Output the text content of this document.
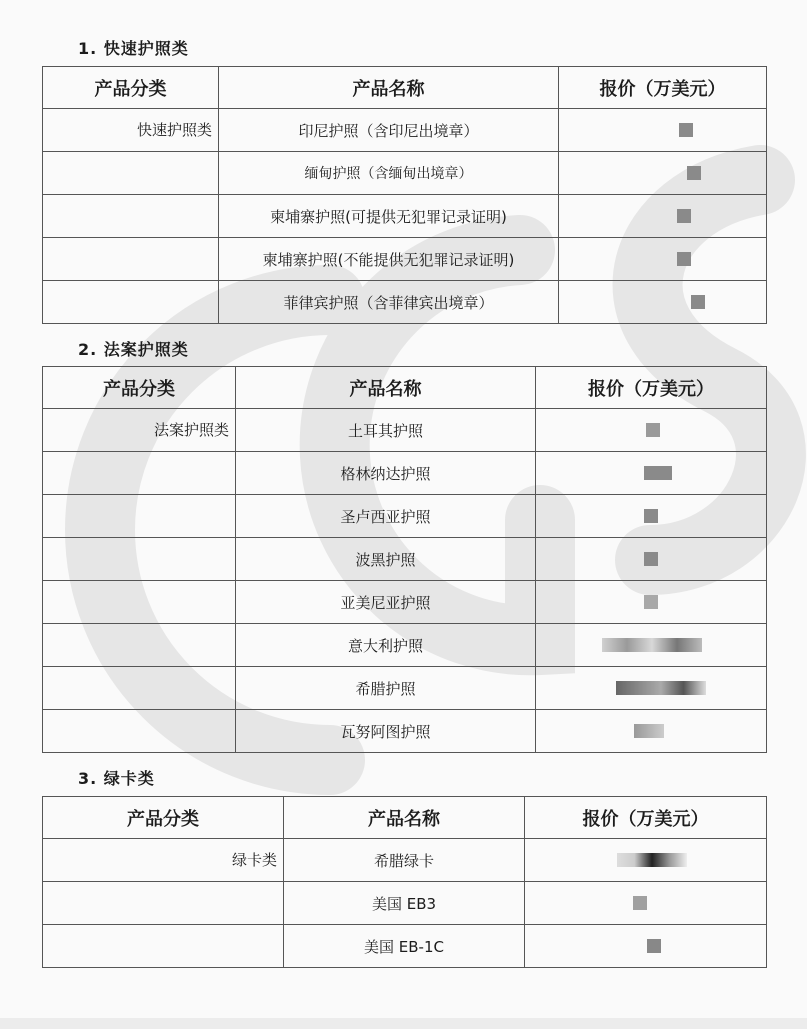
1. 快速护照类
产品分类	产品名称	报价（万美元）
快速护照类	印尼护照（含印尼出境章）	

	缅甸护照（含缅甸出境章）	

	柬埔寨护照(可提供无犯罪记录证明)	

	柬埔寨护照(不能提供无犯罪记录证明)	

	菲律宾护照（含菲律宾出境章）	
2. 法案护照类
产品分类	产品名称	报价（万美元）
法案护照类	土耳其护照	

	格林纳达护照	

	圣卢西亚护照	

	波黑护照	

	亚美尼亚护照	

	意大利护照	

	希腊护照	

	瓦努阿图护照	
3. 绿卡类
产品分类	产品名称	报价（万美元）
绿卡类	希腊绿卡	

	美国 EB3	

	美国 EB-1C	
